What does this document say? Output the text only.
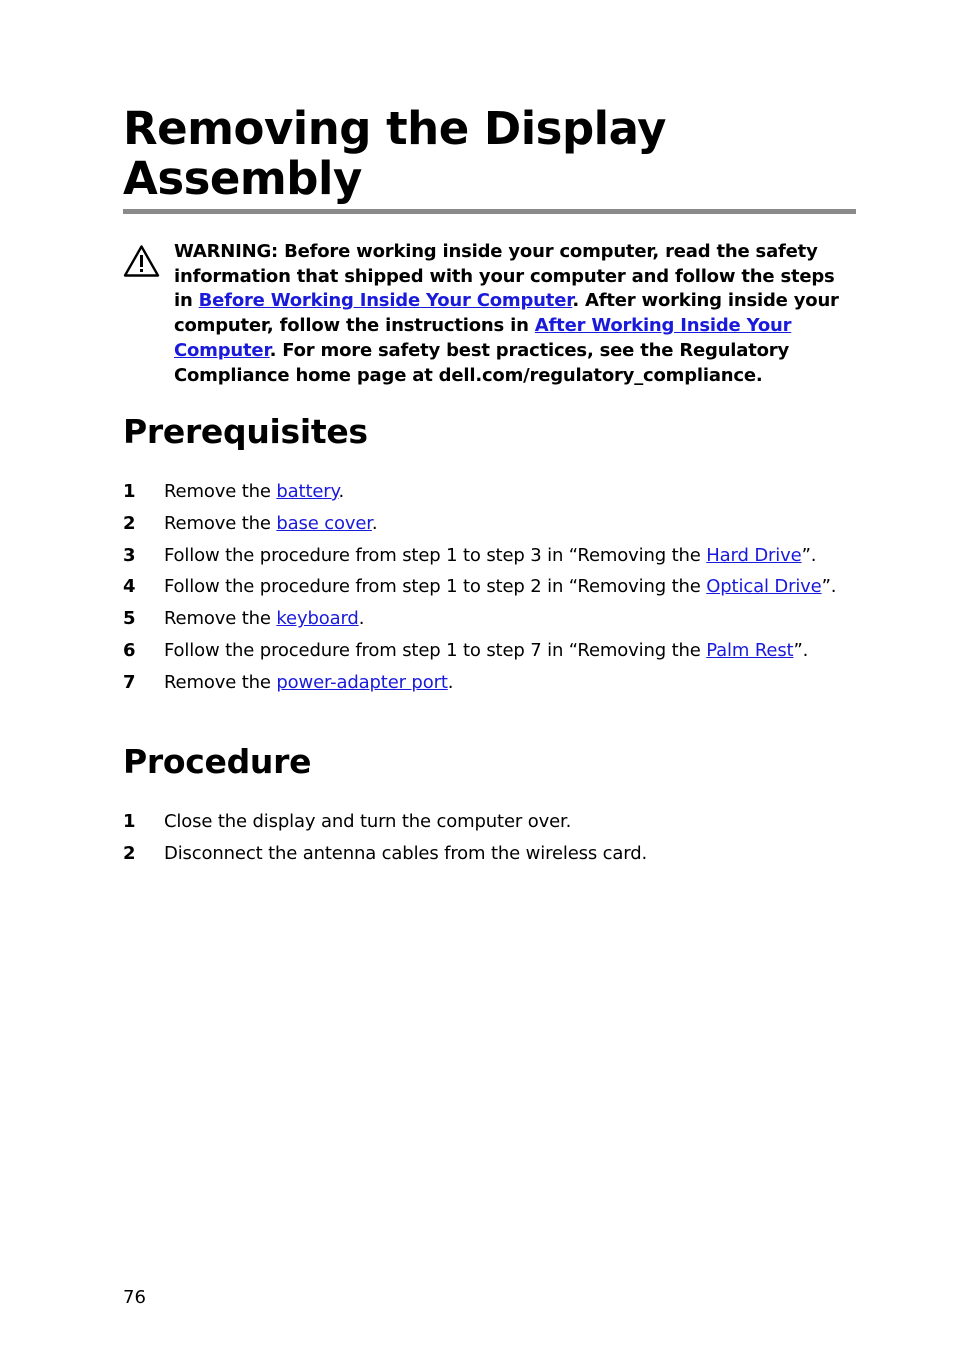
Removing the Display
Assembly
WARNING: Before working inside your computer, read the safety information that shipped with your computer and follow the steps in Before Working Inside Your Computer. After working inside your computer, follow the instructions in After Working Inside Your Computer. For more safety best practices, see the Regulatory Compliance home page at dell.com/regulatory_compliance.
Prerequisites
1 Remove the battery.
2 Remove the base cover.
3 Follow the procedure from step 1 to step 3 in “Removing the Hard Drive”.
4 Follow the procedure from step 1 to step 2 in “Removing the Optical Drive”.
5 Remove the keyboard.
6 Follow the procedure from step 1 to step 7 in “Removing the Palm Rest”.
7 Remove the power-adapter port.
Procedure
1 Close the display and turn the computer over.
2 Disconnect the antenna cables from the wireless card.
76
